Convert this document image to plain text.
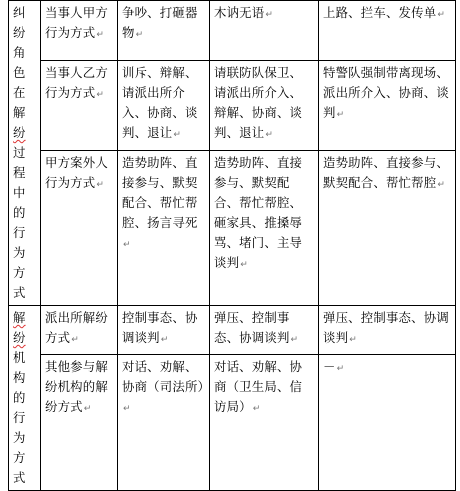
纠纷角色在解纷过程中的行为方式	当事人甲方行为方式↵	争吵、打砸器物↵	木讷无语↵	上路、拦车、发传单↵
	当事人乙方行为方式↵	训斥、辩解、请派出所介入、协商、谈判、退让↵	请联防队保卫、请派出所介入、辩解、协商、谈判、退让↵	特警队强制带离现场、派出所介入、协商、谈判↵
	甲方案外人行为方式↵	造势助阵、直接参与、默契配合、帮忙帮腔、扬言寻死↵	造势助阵、直接参与、默契配合、帮忙帮腔、砸家具、推搡辱骂、堵门、主导谈判↵	造势助阵、直接参与、默契配合、帮忙帮腔↵
解纷机构的行为方式	派出所解纷方式↵	控制事态、协调谈判↵	弹压、控制事态、协调谈判↵	弹压、控制事态、协调谈判↵
	其他参与解纷机构的解纷方式↵	对话、劝解、协商（司法所）↵	对话、劝解、协商（卫生局、信访局）↵	－↵
